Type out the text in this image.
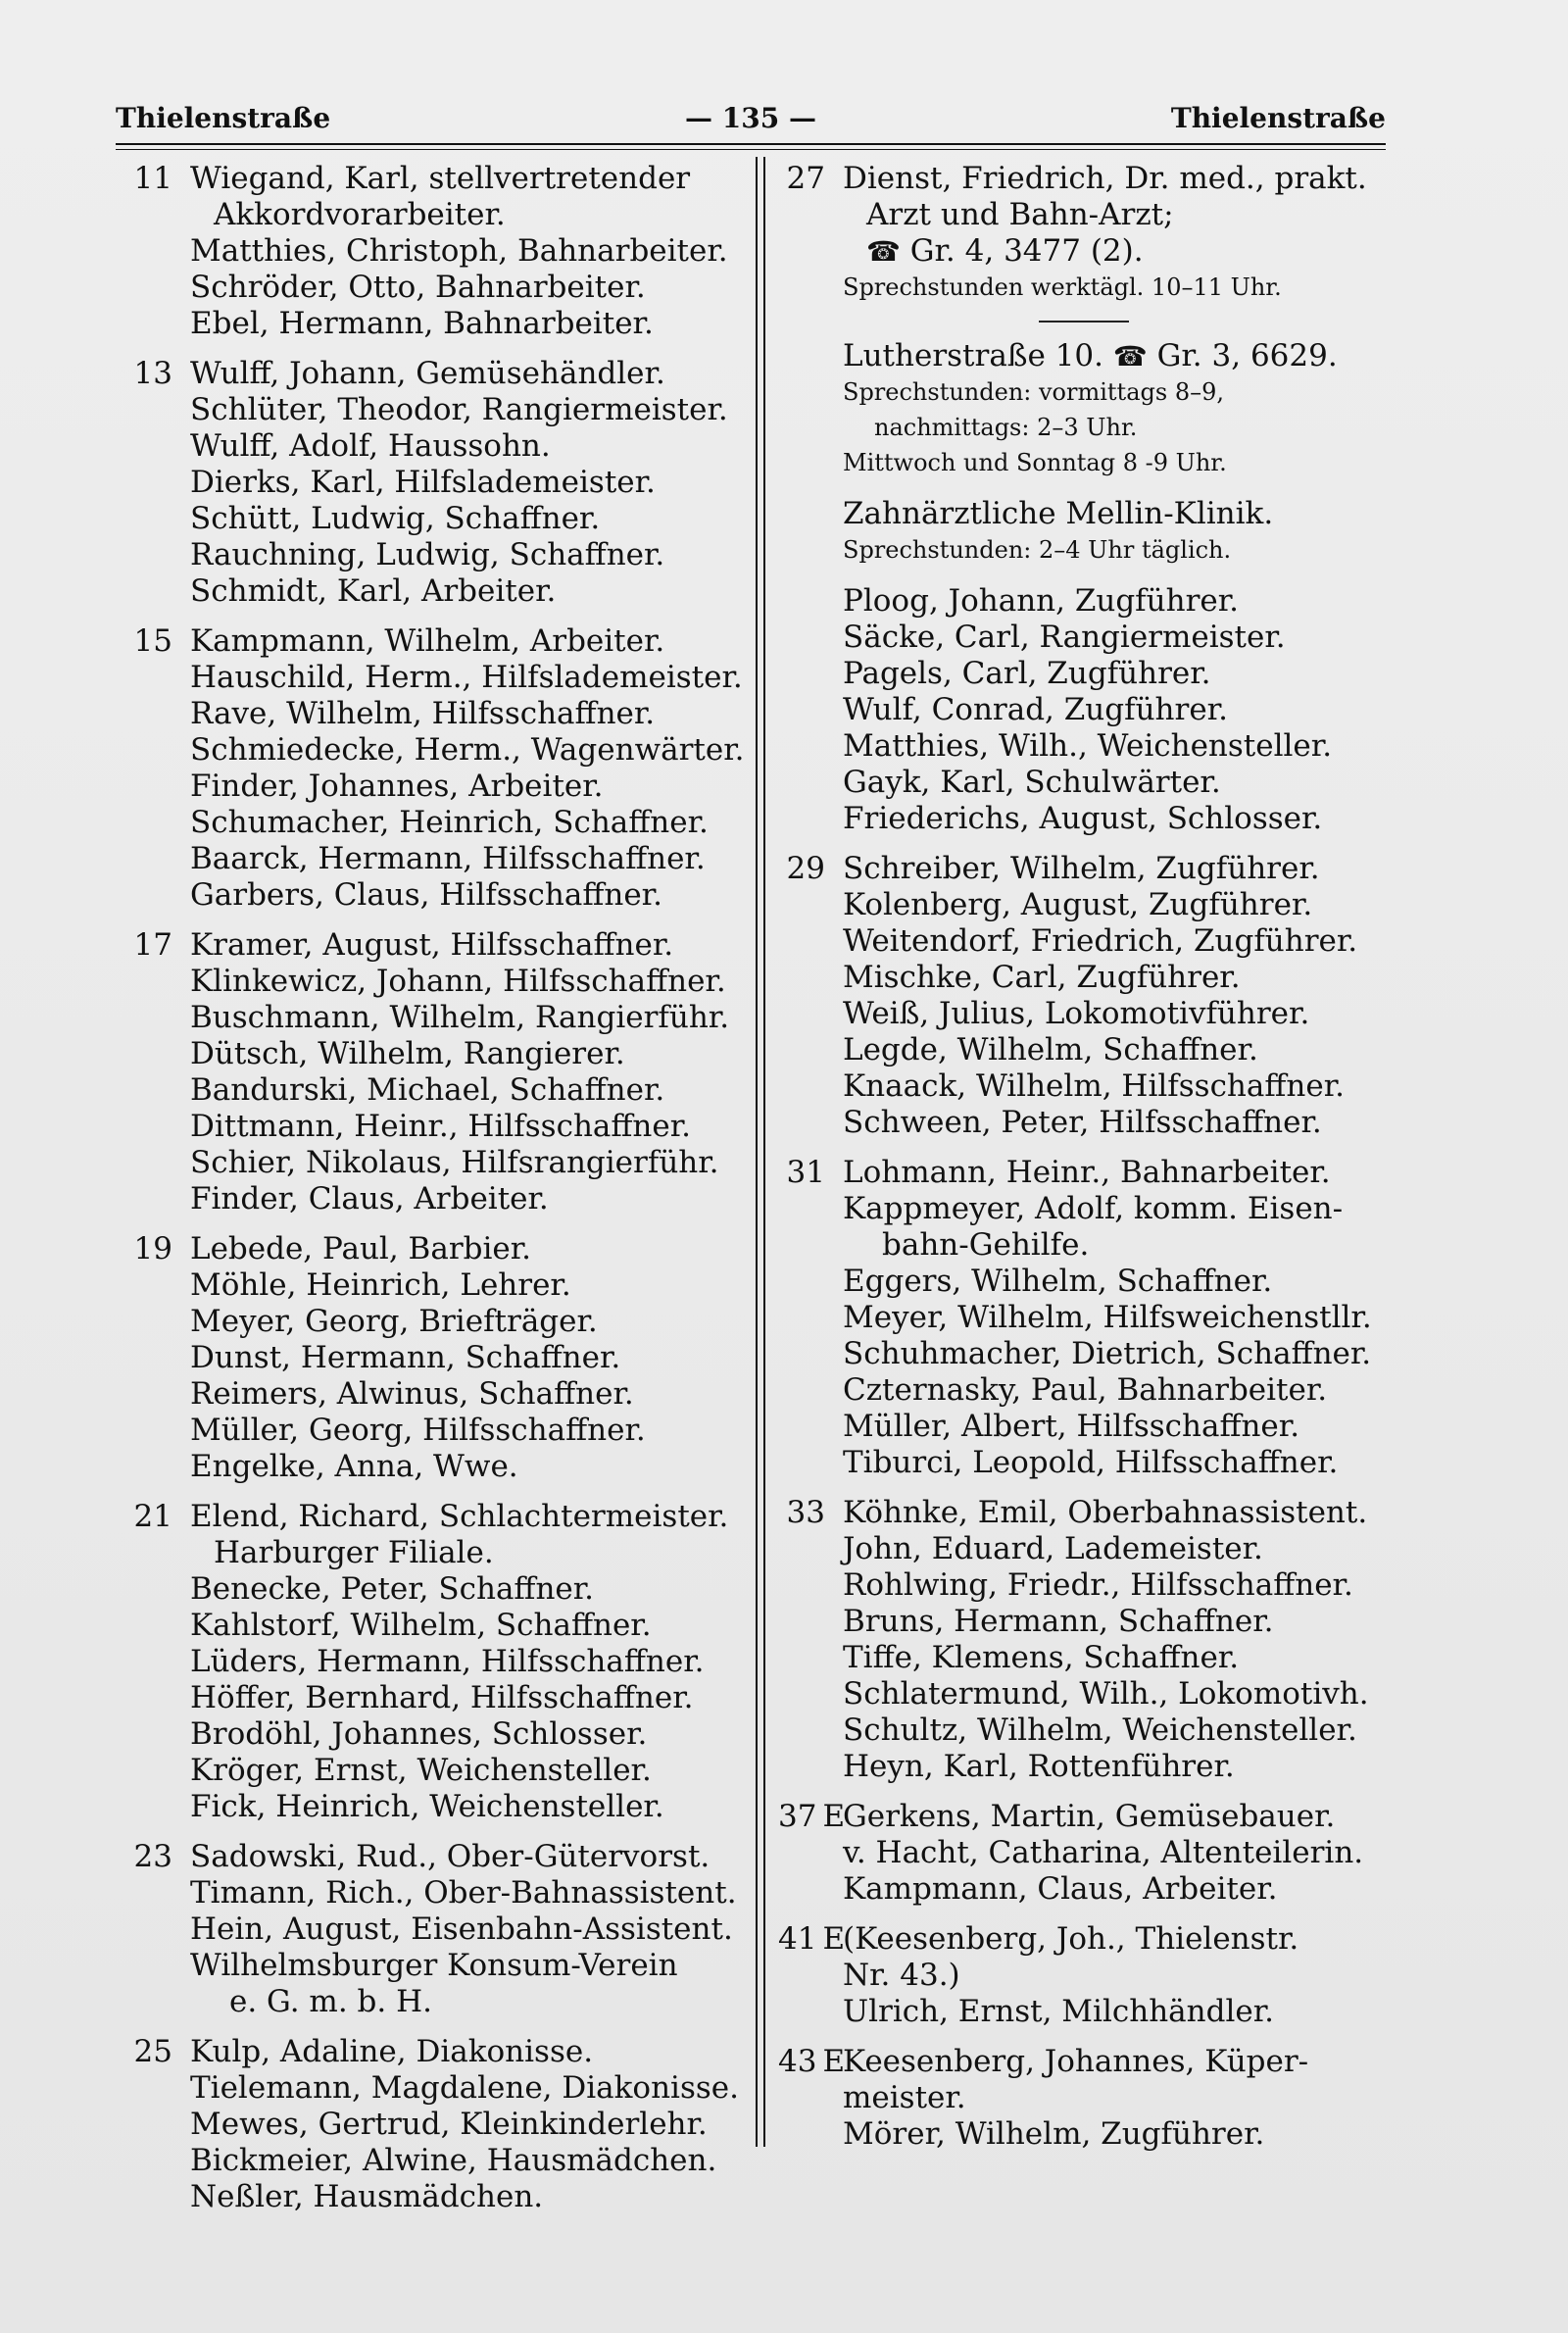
Thielenstraße	— 135 —	Thielenstraße
11 Wiegand, Karl, stellvertretender
Akkordvorarbeiter.
Matthies, Christoph, Bahnarbeiter.
Schröder, Otto, Bahnarbeiter.
Ebel, Hermann, Bahnarbeiter.
13 Wulff, Johann, Gemüsehändler.
Schlüter, Theodor, Rangiermeister.
Wulff, Adolf, Haussohn.
Dierks, Karl, Hilfslademeister.
Schütt, Ludwig, Schaffner.
Rauchning, Ludwig, Schaffner.
Schmidt, Karl, Arbeiter.
15 Kampmann, Wilhelm, Arbeiter.
Hauschild, Herm., Hilfslademeister.
Rave, Wilhelm, Hilfsschaffner.
Schmiedecke, Herm., Wagenwärter.
Finder, Johannes, Arbeiter.
Schumacher, Heinrich, Schaffner.
Baarck, Hermann, Hilfsschaffner.
Garbers, Claus, Hilfsschaffner.
17 Kramer, August, Hilfsschaffner.
Klinkewicz, Johann, Hilfsschaffner.
Buschmann, Wilhelm, Rangierführ.
Dütsch, Wilhelm, Rangierer.
Bandurski, Michael, Schaffner.
Dittmann, Heinr., Hilfsschaffner.
Schier, Nikolaus, Hilfsrangierführ.
Finder, Claus, Arbeiter.
19 Lebede, Paul, Barbier.
Möhle, Heinrich, Lehrer.
Meyer, Georg, Briefträger.
Dunst, Hermann, Schaffner.
Reimers, Alwinus, Schaffner.
Müller, Georg, Hilfsschaffner.
Engelke, Anna, Wwe.
21 Elend, Richard, Schlachtermeister.
Harburger Filiale.
Benecke, Peter, Schaffner.
Kahlstorf, Wilhelm, Schaffner.
Lüders, Hermann, Hilfsschaffner.
Höffer, Bernhard, Hilfsschaffner.
Brodöhl, Johannes, Schlosser.
Kröger, Ernst, Weichensteller.
Fick, Heinrich, Weichensteller.
23 Sadowski, Rud., Ober-Gütervorst.
Timann, Rich., Ober-Bahnassistent.
Hein, August, Eisenbahn-Assistent.
Wilhelmsburger Konsum-Verein
e. G. m. b. H.
25 Kulp, Adaline, Diakonisse.
Tielemann, Magdalene, Diakonisse.
Mewes, Gertrud, Kleinkinderlehr.
Bickmeier, Alwine, Hausmädchen.
Neßler, Hausmädchen.
27 Dienst, Friedrich, Dr. med., prakt.
Arzt und Bahn-Arzt;
☎ Gr. 4, 3477 (2).
Sprechstunden werktägl. 10–11 Uhr.
Lutherstraße 10. ☎ Gr. 3, 6629.
Sprechstunden: vormittags 8–9,
nachmittags: 2–3 Uhr.
Mittwoch und Sonntag 8 -9 Uhr.
Zahnärztliche Mellin-Klinik.
Sprechstunden: 2–4 Uhr täglich.
Ploog, Johann, Zugführer.
Säcke, Carl, Rangiermeister.
Pagels, Carl, Zugführer.
Wulf, Conrad, Zugführer.
Matthies, Wilh., Weichensteller.
Gayk, Karl, Schulwärter.
Friederichs, August, Schlosser.
29 Schreiber, Wilhelm, Zugführer.
Kolenberg, August, Zugführer.
Weitendorf, Friedrich, Zugführer.
Mischke, Carl, Zugführer.
Weiß, Julius, Lokomotivführer.
Legde, Wilhelm, Schaffner.
Knaack, Wilhelm, Hilfsschaffner.
Schween, Peter, Hilfsschaffner.
31 Lohmann, Heinr., Bahnarbeiter.
Kappmeyer, Adolf, komm. Eisen-
bahn-Gehilfe.
Eggers, Wilhelm, Schaffner.
Meyer, Wilhelm, Hilfsweichenstllr.
Schuhmacher, Dietrich, Schaffner.
Czternasky, Paul, Bahnarbeiter.
Müller, Albert, Hilfsschaffner.
Tiburci, Leopold, Hilfsschaffner.
33 Köhnke, Emil, Oberbahnassistent.
John, Eduard, Lademeister.
Rohlwing, Friedr., Hilfsschaffner.
Bruns, Hermann, Schaffner.
Tiffe, Klemens, Schaffner.
Schlatermund, Wilh., Lokomotivh.
Schultz, Wilhelm, Weichensteller.
Heyn, Karl, Rottenführer.
37 E
Gerkens, Martin, Gemüsebauer.
v. Hacht, Catharina, Altenteilerin.
Kampmann, Claus, Arbeiter.
41 E
(Keesenberg, Joh., Thielenstr.
Nr. 43.)
Ulrich, Ernst, Milchhändler.
43 E
Keesenberg, Johannes, Küper-
meister.
Mörer, Wilhelm, Zugführer.
